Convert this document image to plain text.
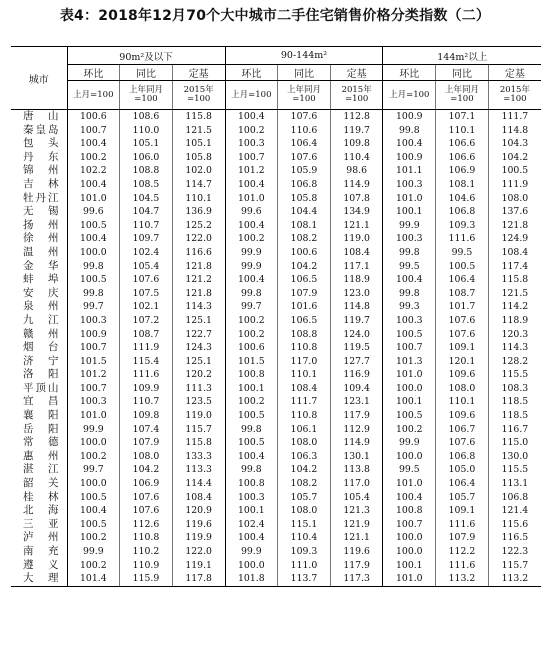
表4：2018年12月70个大中城市二手住宅销售价格分类指数（二）
城市	90m²及以下			90-144m²			144m²以上		
	环比	同比	定基	环比	同比	定基	环比	同比	定基
	上月=100	上年同月=100	2015年=100	上月=100	上年同月=100	2015年=100	上月=100	上年同月=100	2015年=100
唐山	100.6	108.6	115.8	100.4	107.6	112.8	100.9	107.1	111.7
秦皇岛	100.7	110.0	121.5	100.2	110.6	119.7	99.8	110.1	114.8
包头	100.4	105.1	105.1	100.3	106.4	109.8	100.4	106.6	104.3
丹东	100.2	106.0	105.8	100.7	107.6	110.4	100.9	106.6	104.2
锦州	102.2	108.8	102.0	101.2	105.9	98.6	101.1	106.9	100.5
吉林	100.4	108.5	114.7	100.4	106.8	114.9	100.3	108.1	111.9
牡丹江	101.0	104.5	110.1	101.0	105.8	107.8	101.0	104.6	108.0
无锡	99.6	104.7	136.9	99.6	104.4	134.9	100.1	106.8	137.6
扬州	100.5	110.7	125.2	100.4	108.1	121.1	99.9	109.3	121.8
徐州	100.4	109.7	122.0	100.2	108.2	119.0	100.3	111.6	124.9
温州	100.0	102.4	116.6	99.9	100.6	108.4	99.8	99.5	108.4
金华	99.8	105.4	121.8	99.9	104.2	117.1	99.5	100.5	117.4
蚌埠	100.5	107.6	121.2	100.4	106.5	118.9	100.4	106.4	115.8
安庆	99.8	107.5	121.8	99.8	107.9	123.0	99.8	108.7	121.5
泉州	99.7	102.1	114.3	99.7	101.6	114.8	99.3	101.7	114.2
九江	100.3	107.2	125.1	100.2	106.5	119.7	100.3	107.6	118.9
赣州	100.9	108.7	122.7	100.2	108.8	124.0	100.5	107.6	120.3
烟台	100.7	111.9	124.3	100.6	110.8	119.5	100.7	109.1	114.3
济宁	101.5	115.4	125.1	101.5	117.0	127.7	101.3	120.1	128.2
洛阳	101.2	111.6	120.2	100.8	110.1	116.9	101.0	109.6	115.5
平顶山	100.7	109.9	111.3	100.1	108.4	109.4	100.0	108.0	108.3
宜昌	100.3	110.7	123.5	100.2	111.7	123.1	100.1	110.1	118.5
襄阳	101.0	109.8	119.0	100.5	110.8	117.9	100.5	109.6	118.5
岳阳	99.9	107.4	115.7	99.8	106.1	112.9	100.2	106.7	116.7
常德	100.0	107.9	115.8	100.5	108.0	114.9	99.9	107.6	115.0
惠州	100.2	108.0	133.3	100.4	106.3	130.1	100.0	106.8	130.0
湛江	99.7	104.2	113.3	99.8	104.2	113.8	99.5	105.0	115.5
韶关	100.0	106.9	114.4	100.8	108.2	117.0	101.0	106.4	113.1
桂林	100.5	107.6	108.4	100.3	105.7	105.4	100.4	105.7	106.8
北海	100.4	107.6	120.9	100.1	108.0	121.3	100.8	109.1	121.4
三亚	100.5	112.6	119.6	102.4	115.1	121.9	100.7	111.6	115.6
泸州	100.2	110.8	119.9	100.4	110.4	121.1	100.0	107.9	116.5
南充	99.9	110.2	122.0	99.9	109.3	119.6	100.0	112.2	122.3
遵义	100.2	110.9	119.1	100.0	111.0	117.9	100.1	111.6	115.7
大理	101.4	115.9	117.8	101.8	113.7	117.3	101.0	113.2	113.2
